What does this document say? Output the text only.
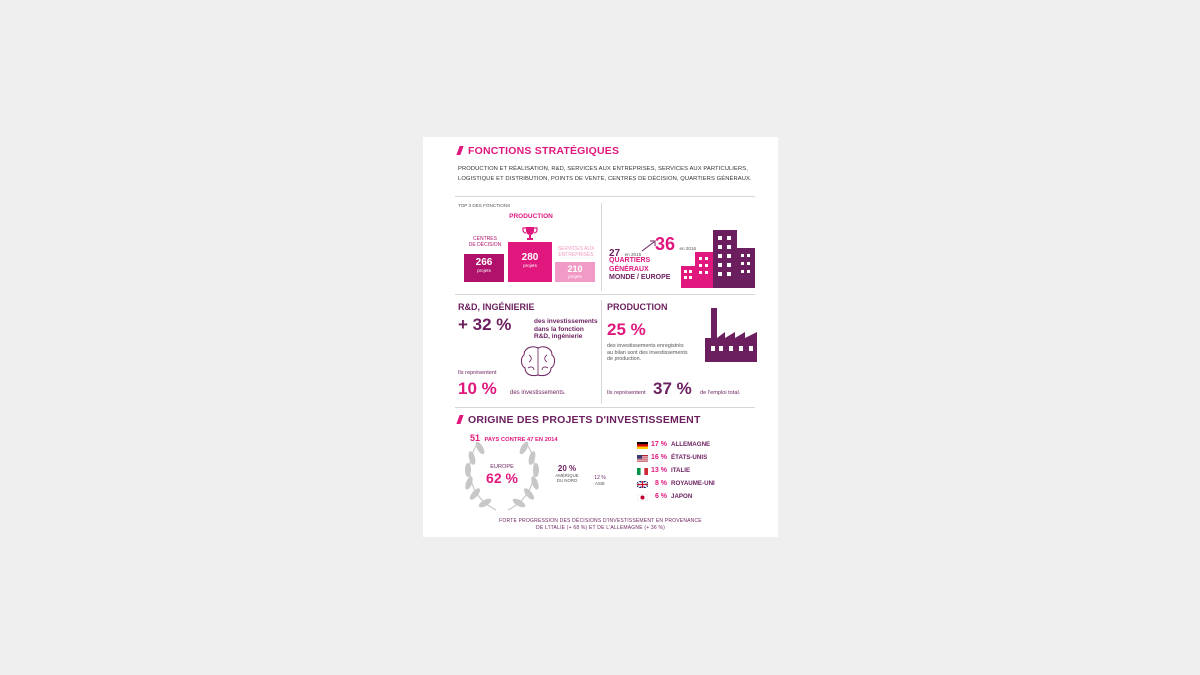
FONCTIONS STRATÉGIQUES
PRODUCTION ET RÉALISATION, R&D, SERVICES AUX ENTREPRISES, SERVICES AUX PARTICULIERS,
LOGISTIQUE ET DISTRIBUTION, POINTS DE VENTE, CENTRES DE DÉCISION, QUARTIERS GÉNÉRAUX.
TOP 3 DES FONCTIONS
PRODUCTION
CENTRES
DE DÉCISION
SERVICES AUX
ENTREPRISES
266
projets
280
projets	210
projets
27 en 2015
36 en 2016
QUARTIERS
GÉNÉRAUX
MONDE / EUROPE
R&D, INGÉNIERIE
+ 32 %	des investissements
dans la fonction
R&D, ingénierie
Ils représentent
10 % des investissements.
PRODUCTION
25 %
des investissements enregistrés
au bilan sont des investissements
de production.
Ils représentent 37 % de l'emploi total.
ORIGINE DES PROJETS D'INVESTISSEMENT
51 PAYS CONTRE 47 EN 2014
EUROPE
62 %
20 %
AMÉRIQUE
DU NORD	12 %
ASIE
17 % ALLEMAGNE
16 % ÉTATS-UNIS
13 % ITALIE
8 % ROYAUME-UNI
6 % JAPON
FORTE PROGRESSION DES DÉCISIONS D'INVESTISSEMENT EN PROVENANCE
DE L'ITALIE (+ 68 %) ET DE L'ALLEMAGNE (+ 36 %)
